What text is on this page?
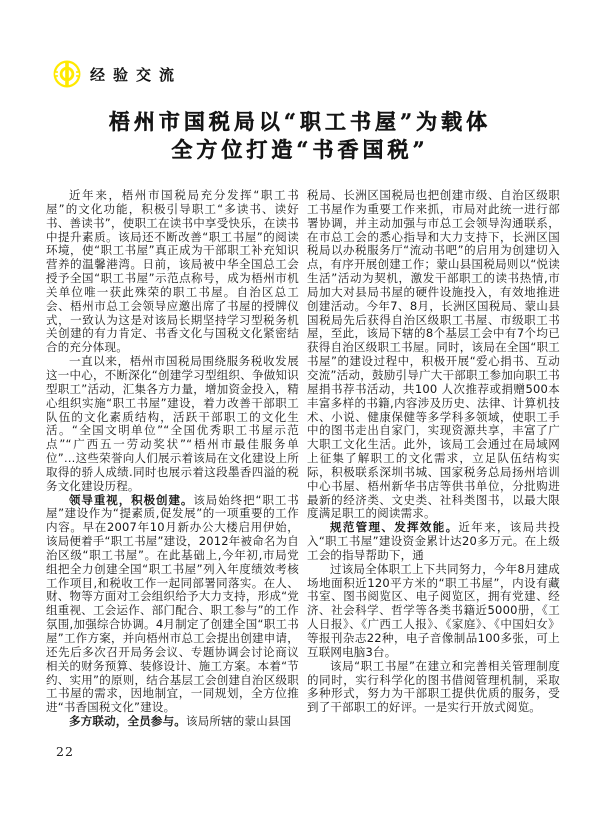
经验交流
梧州市国税局以“职工书屋”为载体
全方位打造“书香国税”

近年来，梧州市国税局充分发挥“职工书屋”的文化功能，积极引导职工“多读书、读好书、善读书”，使职工在读书中享受快乐，在读书中提升素质。该局还不断改善“职工书屋”的阅读环境，使“职工书屋”真正成为干部职工补充知识营养的温馨港湾。日前，该局被中华全国总工会授予全国“职工书屋”示范点称号，成为梧州市机关单位唯一获此殊荣的职工书屋。自治区总工会、梧州市总工会领导应邀出席了书屋的授牌仪式，一致认为这是对该局长期坚持学习型税务机关创建的有力肯定、书香文化与国税文化紧密结合的充分体现。

一直以来，梧州市国税局围绕服务税收发展这一中心，不断深化“创建学习型组织、争做知识型职工”活动，汇集各方力量，增加资金投入，精心组织实施“职工书屋”建设，着力改善干部职工队伍的文化素质结构，活跃干部职工的文化生活。“全国文明单位”“全国优秀职工书屋示范点”“广西五一劳动奖状”“梧州市最佳服务单位”…这些荣誉向人们展示着该局在文化建设上所取得的骄人成绩.同时也展示着这段墨香四溢的税务文化建设历程。

领导重视，积极创建。该局始终把“职工书屋”建设作为“提素质,促发展”的一项重要的工作内容。早在2007年10月新办公大楼启用伊始，该局便着手“职工书屋”建设，2012年被命名为自治区级“职工书屋”。在此基础上,今年初,市局党组把全力创建全国“职工书屋”列入年度绩效考核工作项目,和税收工作一起同部署同落实。在人、财、物等方面对工会组织给予大力支持，形成“党组重视、工会运作、部门配合、职工参与”的工作氛围,加强综合协调。4月制定了创建全国“职工书屋”工作方案，并向梧州市总工会提出创建申请，还先后多次召开局务会议、专题协调会讨论商议相关的财务预算、装修设计、施工方案。本着“节约、实用”的原则，结合基层工会创建自治区级职工书屋的需求，因地制宜，一同规划，全方位推进“书香国税文化”建设。

多方联动，全员参与。该局所辖的蒙山县国

税局、长洲区国税局也把创建市级、自治区级职工书屋作为重要工作来抓，市局对此统一进行部署协调，并主动加强与市总工会领导沟通联系，在市总工会的悉心指导和大力支持下，长洲区国税局以办税服务厅“流动书吧”的启用为创建切入点，有序开展创建工作；蒙山县国税局则以“悦读生活”活动为契机，激发干部职工的读书热情,市局加大对县局书屋的硬件设施投入，有效地推进创建活动。今年7、8月，长洲区国税局、蒙山县国税局先后获得自治区级职工书屋、市级职工书屋，至此，该局下辖的8个基层工会中有7个均已获得自治区级职工书屋。同时，该局在全国“职工书屋”的建设过程中，积极开展“爱心捐书、互动交流”活动，鼓励引导广大干部职工参加向职工书屋捐书荐书活动，共100 人次推荐或捐赠500本丰富多样的书籍,内容涉及历史、法律、计算机技术、小说、健康保健等多学科多领域，使职工手中的图书走出自家门，实现资源共享，丰富了广大职工文化生活。此外，该局工会通过在局域网上征集了解职工的文化需求，立足队伍结构实际，积极联系深圳书城、国家税务总局扬州培训中心书屋、梧州新华书店等供书单位，分批购进最新的经济类、文史类、社科类图书，以最大限度满足职工的阅读需求。

规范管理、发挥效能。近年来，该局共投入“职工书屋”建设资金累计达20多万元。在上级工会的指导帮助下，通

过该局全体职工上下共同努力，今年8月建成场地面积近120平方米的“职工书屋”，内设有藏书室、图书阅览区、电子阅览区，拥有党建、经济、社会科学、哲学等各类书籍近5000册，《工人日报》、《广西工人报》、《家庭》、《中国妇女》等报刊杂志22种，电子音像制品100多张，可上互联网电脑3台。

该局“职工书屋”在建立和完善相关管理制度的同时，实行科学化的图书借阅管理机制，采取多种形式，努力为干部职工提供优质的服务，受到了干部职工的好评。一是实行开放式阅览。

22
